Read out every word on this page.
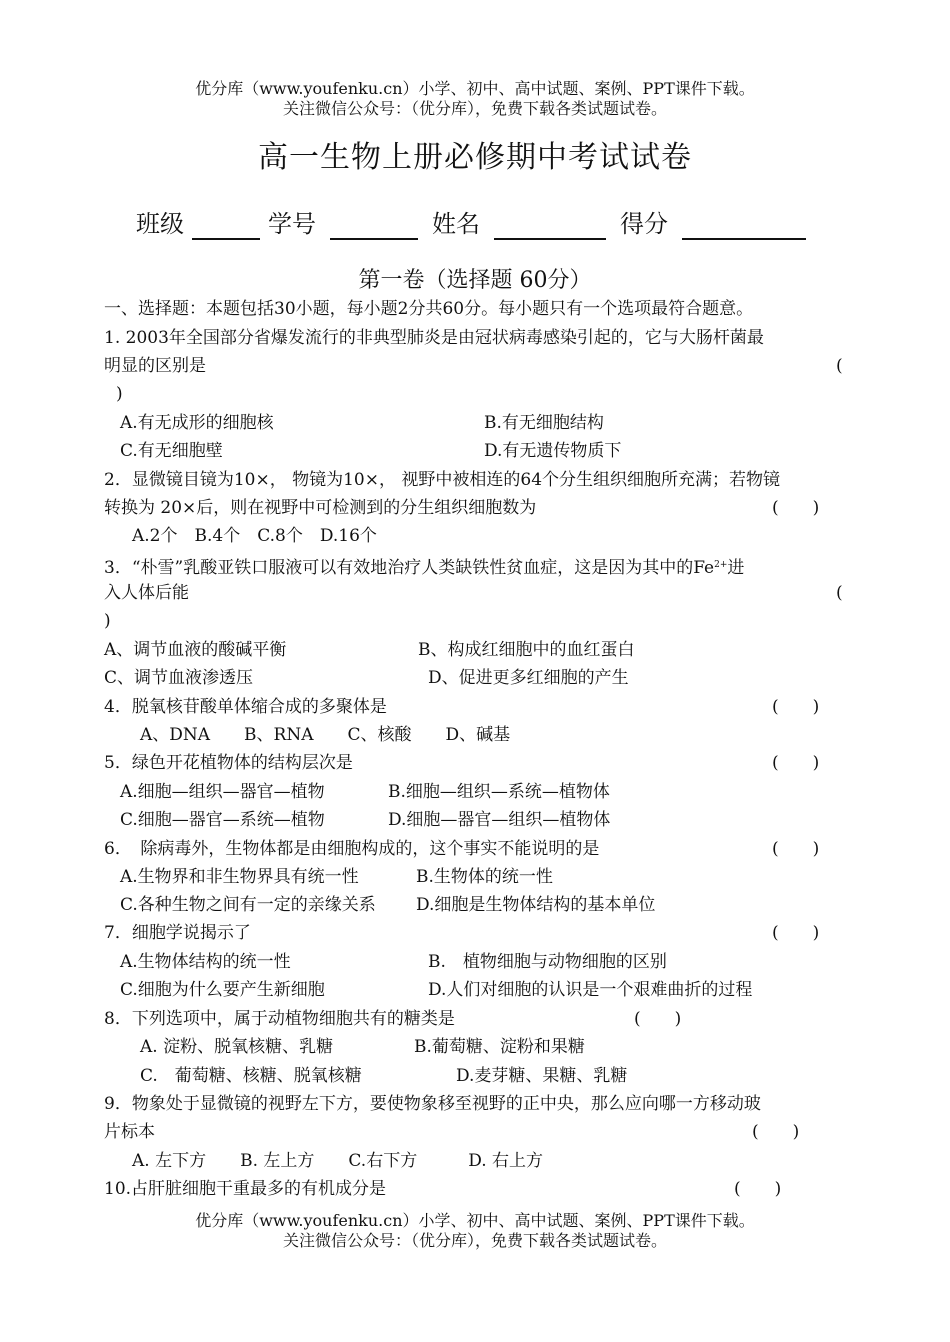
优分库（www.youfenku.cn）小学、初中、高中试题、案例、PPT课件下载。
关注微信公众号：（优分库），免费下载各类试题试卷。
高一生物上册必修期中考试试卷
班级	学号	姓名	得分
第一卷（选择题 60分）
一、选择题：本题包括30小题，每小题2分共60分。每小题只有一个选项最符合题意。
1. 2003年全国部分省爆发流行的非典型肺炎是由冠状病毒感染引起的，它与大肠杆菌最
明显的区别是	(
)
A.有无成形的细胞核	B.有无细胞结构
C.有无细胞壁	D.有无遗传物质下
2．显微镜目镜为10×， 物镜为10×， 视野中被相连的64个分生组织细胞所充满；若物镜
转换为 20×后，则在视野中可检测到的分生组织细胞数为	(　　)
A.2个　B.4个　C.8个　D.16个
3．“朴雪”乳酸亚铁口服液可以有效地治疗人类缺铁性贫血症，这是因为其中的$Fe^{2+}$进
入人体后能	(
)
A、调节血液的酸碱平衡	B、构成红细胞中的血红蛋白
C、调节血液渗透压	D、促进更多红细胞的产生
4．脱氧核苷酸单体缩合成的多聚体是	(　　)
A、DNA　　B、RNA　　C、核酸　　D、碱基
5．绿色开花植物体的结构层次是	(　　)
A.细胞—组织—器官—植物	B.细胞—组织—系统—植物体
C.细胞—器官—系统—植物	D.细胞—器官—组织—植物体
6．　除病毒外，生物体都是由细胞构成的，这个事实不能说明的是	(　　)
A.生物界和非生物界具有统一性	B.生物体的统一性
C.各种生物之间有一定的亲缘关系 D.细胞是生物体结构的基本单位
7．细胞学说揭示了	(　　)
A.生物体结构的统一性	B.　植物细胞与动物细胞的区别
C.细胞为什么要产生新细胞	D.人们对细胞的认识是一个艰难曲折的过程
8．下列选项中，属于动植物细胞共有的糖类是	(　　)
A. 淀粉、脱氧核糖、乳糖	B.葡萄糖、淀粉和果糖
C.　葡萄糖、核糖、脱氧核糖	D.麦芽糖、果糖、乳糖
9．物象处于显微镜的视野左下方，要使物象移至视野的正中央，那么应向哪一方移动玻
片标本	(　　)
A. 左下方　　B. 左上方　　C.右下方　　　D. 右上方
10.占肝脏细胞干重最多的有机成分是	(　　)
优分库（www.youfenku.cn）小学、初中、高中试题、案例、PPT课件下载。
关注微信公众号：（优分库），免费下载各类试题试卷。
